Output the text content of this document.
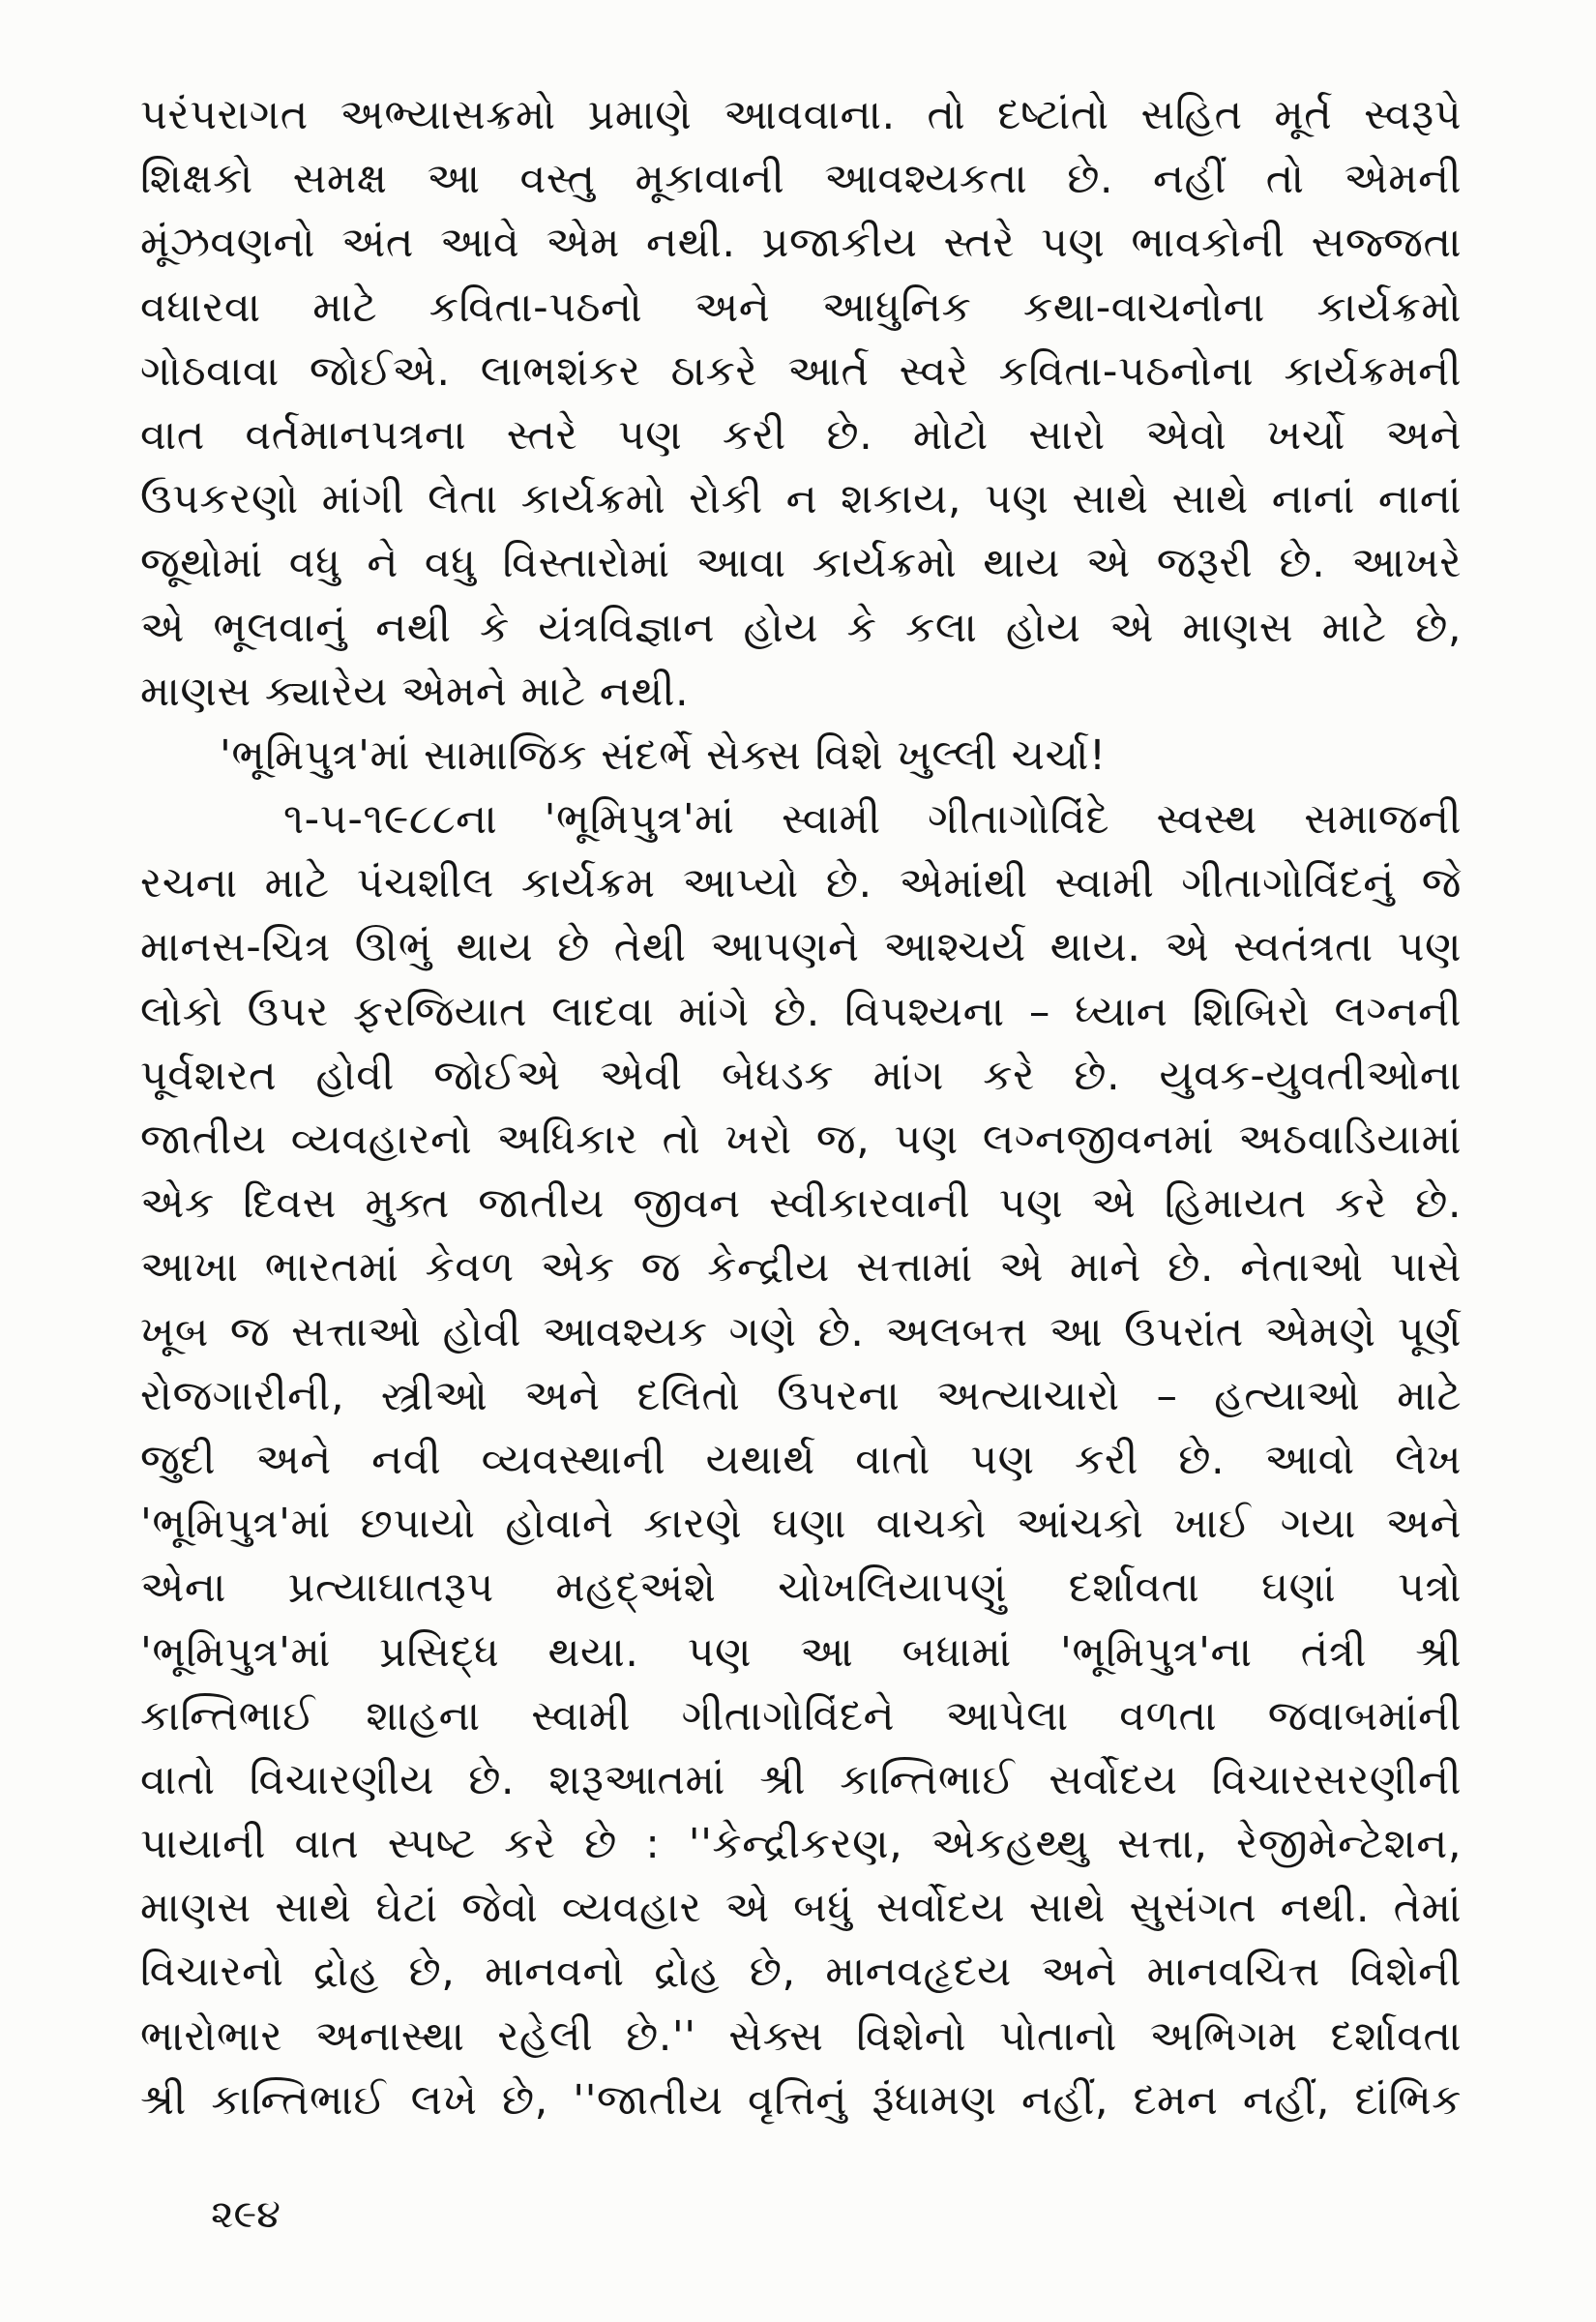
પરંપરાગત અભ્યાસક્રમો પ્રમાણે આવવાના. તો દષ્ટાંતો સહિત મૂર્ત સ્વરૂપે
શિક્ષકો સમક્ષ આ વસ્તુ મૂકાવાની આવશ્યકતા છે. નહીં તો એમની
મૂંઝવણનો અંત આવે એમ નથી. પ્રજાકીય સ્તરે પણ ભાવકોની સજ્જતા
વધારવા માટે કવિતા-પઠનો અને આધુનિક કથા-વાચનોના કાર્યક્રમો
ગોઠવાવા જોઈએ. લાભશંકર ઠાકરે આર્ત સ્વરે કવિતા-પઠનોના કાર્યક્રમની
વાત વર્તમાનપત્રના સ્તરે પણ કરી છે. મોટો સારો એવો ખર્ચો અને
ઉપકરણો માંગી લેતા કાર્યક્રમો રોકી ન શકાય, પણ સાથે સાથે નાનાં નાનાં
જૂથોમાં વધુ ને વધુ વિસ્તારોમાં આવા કાર્યક્રમો થાય એ જરૂરી છે. આખરે
એ ભૂલવાનું નથી કે યંત્રવિજ્ઞાન હોય કે કલા હોય એ માણસ માટે છે,
માણસ ક્યારેય એમને માટે નથી.
'ભૂમિપુત્ર'માં સામાજિક સંદર્ભે સેક્સ વિશે ખુલ્લી ચર્ચા!
૧-૫-૧૯૮૮ના 'ભૂમિપુત્ર'માં સ્વામી ગીતાગોવિંદે સ્વસ્થ સમાજની
રચના માટે પંચશીલ કાર્યક્રમ આપ્યો છે. એમાંથી સ્વામી ગીતાગોવિંદનું જે
માનસ-ચિત્ર ઊભું થાય છે તેથી આપણને આશ્ચર્ય થાય. એ સ્વતંત્રતા પણ
લોકો ઉપર ફરજિયાત લાદવા માંગે છે. વિપશ્યના – ધ્યાન શિબિરો લગ્નની
પૂર્વશરત હોવી જોઈએ એવી બેધડક માંગ કરે છે. યુવક-યુવતીઓના
જાતીય વ્યવહારનો અધિકાર તો ખરો જ, પણ લગ્નજીવનમાં અઠવાડિયામાં
એક દિવસ મુક્ત જાતીય જીવન સ્વીકારવાની પણ એ હિમાયત કરે છે.
આખા ભારતમાં કેવળ એક જ કેન્દ્રીય સત્તામાં એ માને છે. નેતાઓ પાસે
ખૂબ જ સત્તાઓ હોવી આવશ્યક ગણે છે. અલબત્ત આ ઉપરાંત એમણે પૂર્ણ
રોજગારીની, સ્ત્રીઓ અને દલિતો ઉપરના અત્યાચારો – હત્યાઓ માટે
જુદી અને નવી વ્યવસ્થાની યથાર્થ વાતો પણ કરી છે. આવો લેખ
'ભૂમિપુત્ર'માં છપાયો હોવાને કારણે ઘણા વાચકો આંચકો ખાઈ ગયા અને
એના પ્રત્યાઘાતરૂપ મહદ્અંશે ચોખલિયાપણું દર્શાવતા ઘણાં પત્રો
'ભૂમિપુત્ર'માં પ્રસિદ્ધ થયા. પણ આ બધામાં 'ભૂમિપુત્ર'ના તંત્રી શ્રી
કાન્તિભાઈ શાહના સ્વામી ગીતાગોવિંદને આપેલા વળતા જવાબમાંની
વાતો વિચારણીય છે. શરૂઆતમાં શ્રી કાન્તિભાઈ સર્વોદય વિચારસરણીની
પાયાની વાત સ્પષ્ટ કરે છે : ''કેન્દ્રીકરણ, એકહથ્થુ સત્તા, રેજીમેન્ટેશન,
માણસ સાથે ઘેટાં જેવો વ્યવહાર એ બધું સર્વોદય સાથે સુસંગત નથી. તેમાં
વિચારનો દ્રોહ છે, માનવનો દ્રોહ છે, માનવહૃદય અને માનવચિત્ત વિશેની
ભારોભાર અનાસ્થા રહેલી છે.'' સેક્સ વિશેનો પોતાનો અભિગમ દર્શાવતા
શ્રી કાન્તિભાઈ લખે છે, ''જાતીય વૃત્તિનું રૂંધામણ નહીં, દમન નહીં, દાંભિક
૨૯૪
